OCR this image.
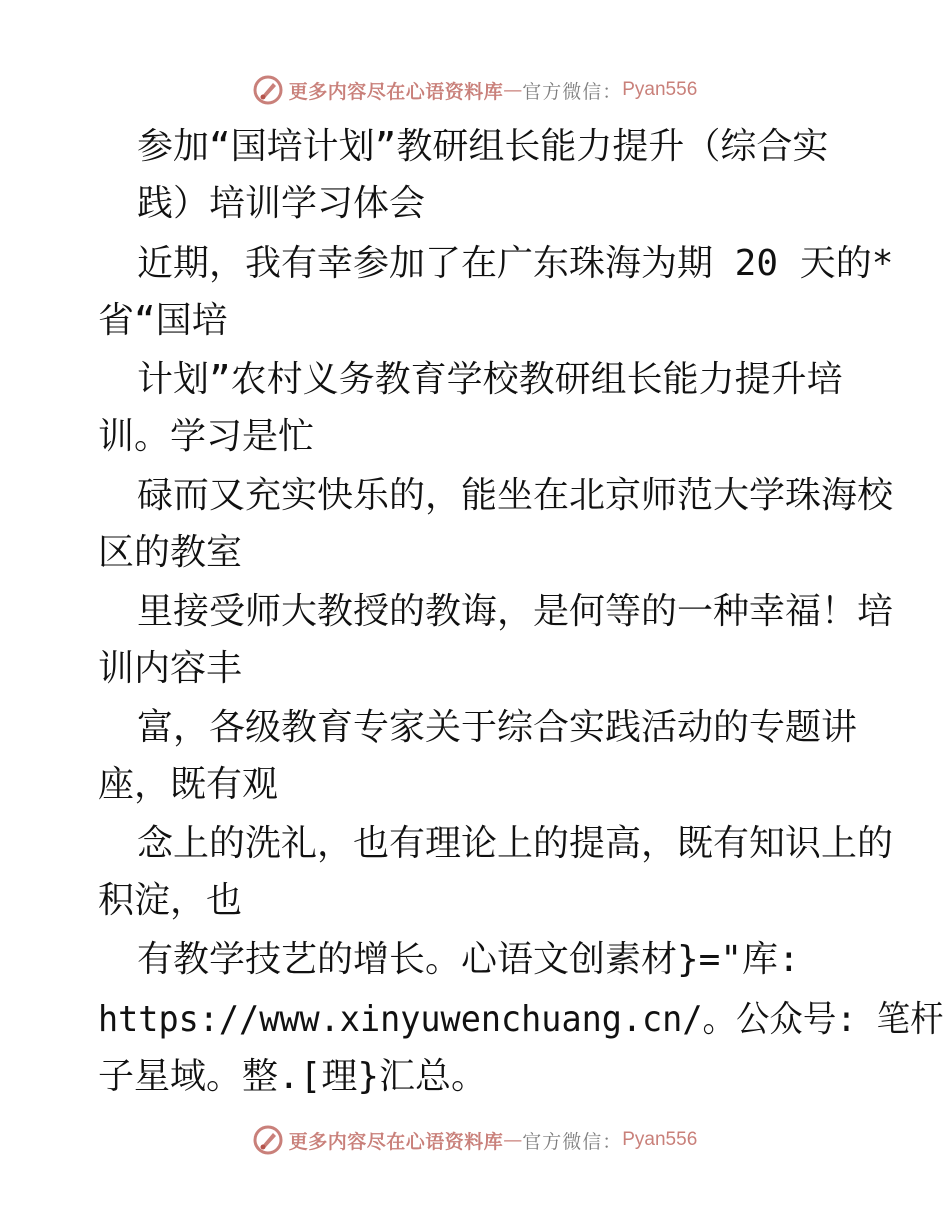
更多内容尽在心语资料库 — 官方微信： Pyan556
参加“国培计划”教研组长能力提升（综合实
践）培训学习体会
近期，我有幸参加了在广东珠海为期 20 天的*
省“国培
计划”农村义务教育学校教研组长能力提升培
训。学习是忙
碌而又充实快乐的，能坐在北京师范大学珠海校
区的教室
里接受师大教授的教诲，是何等的一种幸福！培
训内容丰
富，各级教育专家关于综合实践活动的专题讲
座，既有观
念上的洗礼，也有理论上的提高，既有知识上的
积淀，也
有教学技艺的增长。心语文创素材}="库:
https://www.xinyuwenchuang.cn/。公众号: 笔杆
子星域。整.[理}汇总。
更多内容尽在心语资料库 — 官方微信： Pyan556
